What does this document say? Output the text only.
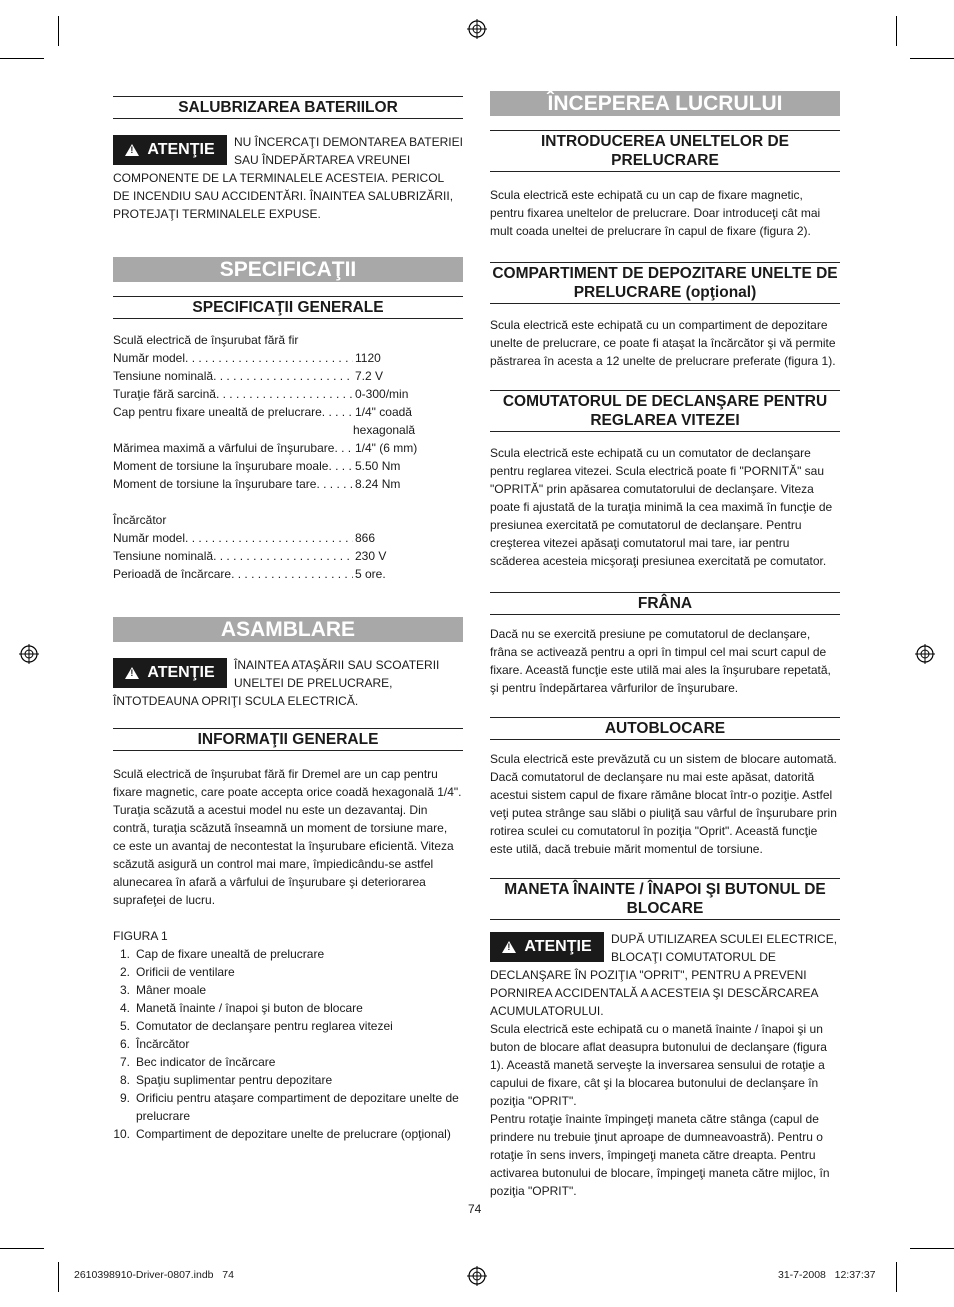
SALUBRIZAREA BATERIILOR
!
ATENŢIE NU ÎNCERCAŢI DEMONTAREA BATERIEI SAU ÎNDEPĂRTAREA VREUNEI COMPONENTE DE LA TERMINALELE ACESTEIA. PERICOL DE INCENDIU SAU ACCIDENTĂRI. ÎNAINTEA SALUBRIZĂRII, PROTEJAŢI TERMINALELE EXPUSE.
SPECIFICAŢII
SPECIFICAŢII GENERALE

Sculă electrică de înşurubat fără fir

Număr model . . .	1120
Tensiune nominală . . .	7.2 V
Turaţie fără sarcină . . .	0-300/min
Cap pentru fixare unealtă de prelucrare . . .	1/4" coadă
hexagonală
Mărimea maximă a vârfului de înşurubare . . . 1/4" (6 mm)
Moment de torsiune la înşurubare moale . . . 5.50 Nm
Moment de torsiune la înşurubare tare . . .	8.24 Nm

Încărcător

Număr model . . .	866
Tensiune nominală . . .	230 V
Perioadă de încărcare . . .	5 ore.
ASAMBLARE
!
ATENŢIE ÎNAINTEA ATAŞĂRII SAU SCOATERII UNELTEI DE PRELUCRARE, ÎNTOTDEAUNA OPRIŢI SCULA ELECTRICĂ.
INFORMAŢII GENERALE

Sculă electrică de înşurubat fără fir Dremel are un cap pentru fixare magnetic, care poate accepta orice coadă hexagonală 1/4". Turaţia scăzută a acestui model nu este un dezavantaj. Din contră, turaţia scăzută înseamnă un moment de torsiune mare, ce este un avantaj de necontestat la înşurubare eficientă. Viteza scăzută asigură un control mai mare, împiedicându-se astfel alunecarea în afară a vârfului de înşurubare şi deteriorarea suprafeţei de lucru.

FIGURA 1

1. Cap de fixare unealtă de prelucrare
2. Orificii de ventilare
3. Mâner moale
4. Manetă înainte / înapoi şi buton de blocare
5. Comutator de declanşare pentru reglarea vitezei
6. Încărcător
7. Bec indicator de încărcare
8. Spaţiu suplimentar pentru depozitare
9. Orificiu pentru ataşare compartiment de depozitare unelte de prelucrare
10. Compartiment de depozitare unelte de prelucrare (opţional)
ÎNCEPEREA LUCRULUI
INTRODUCEREA UNELTELOR DE PRELUCRARE

Scula electrică este echipată cu un cap de fixare magnetic, pentru fixarea uneltelor de prelucrare. Doar introduceţi cât mai mult coada uneltei de prelucrare în capul de fixare (figura 2).

COMPARTIMENT DE DEPOZITARE UNELTE DE PRELUCRARE (opţional)

Scula electrică este echipată cu un compartiment de depozitare unelte de prelucrare, ce poate fi ataşat la încărcător şi vă permite păstrarea în acesta a 12 unelte de prelucrare preferate (figura 1).

COMUTATORUL DE DECLANŞARE PENTRU REGLAREA VITEZEI

Scula electrică este echipată cu un comutator de declanşare pentru reglarea vitezei. Scula electrică poate fi "PORNITĂ" sau "OPRITĂ" prin apăsarea comutatorului de declanşare. Viteza poate fi ajustată de la turaţia minimă la cea maximă în funcţie de presiunea exercitată pe comutatorul de declanşare. Pentru creşterea vitezei apăsaţi comutatorul mai tare, iar pentru scăderea acesteia micşoraţi presiunea exercitată pe comutator.

FRÂNA

Dacă nu se exercită presiune pe comutatorul de declanşare, frâna se activează pentru a opri în timpul cel mai scurt capul de fixare. Această funcţie este utilă mai ales la înşurubare repetată, şi pentru îndepărtarea vârfurilor de înşurubare.

AUTOBLOCARE

Scula electrică este prevăzută cu un sistem de blocare automată. Dacă comutatorul de declanşare nu mai este apăsat, datorită acestui sistem capul de fixare rămâne blocat într-o poziţie. Astfel veţi putea strânge sau slăbi o piuliţă sau vârful de înşurubare prin rotirea sculei cu comutatorul în poziţia "Oprit". Această funcţie este utilă, dacă trebuie mărit momentul de torsiune.

MANETA ÎNAINTE / ÎNAPOI ŞI BUTONUL DE BLOCARE
!
ATENŢIE DUPĂ UTILIZAREA SCULEI ELECTRICE, BLOCAŢI COMUTATORUL DE DECLANŞARE ÎN POZIŢIA "OPRIT", PENTRU A PREVENI PORNIREA ACCIDENTALĂ A ACESTEIA ŞI DESCĂRCAREA ACUMULATORULUI.

Scula electrică este echipată cu o manetă înainte / înapoi şi un buton de blocare aflat deasupra butonului de declanşare (figura 1). Această manetă serveşte la inversarea sensului de rotaţie a capului de fixare, cât şi la blocarea butonului de declanşare în poziţia "OPRIT".

Pentru rotaţie înainte împingeţi maneta către stânga (capul de prindere nu trebuie ţinut aproape de dumneavoastră). Pentru o rotaţie în sens invers, împingeţi maneta către dreapta. Pentru activarea butonului de blocare, împingeţi maneta către mijloc, în poziţia "OPRIT".

74
2610398910-Driver-0807.indb   74	31-7-2008   12:37:37
